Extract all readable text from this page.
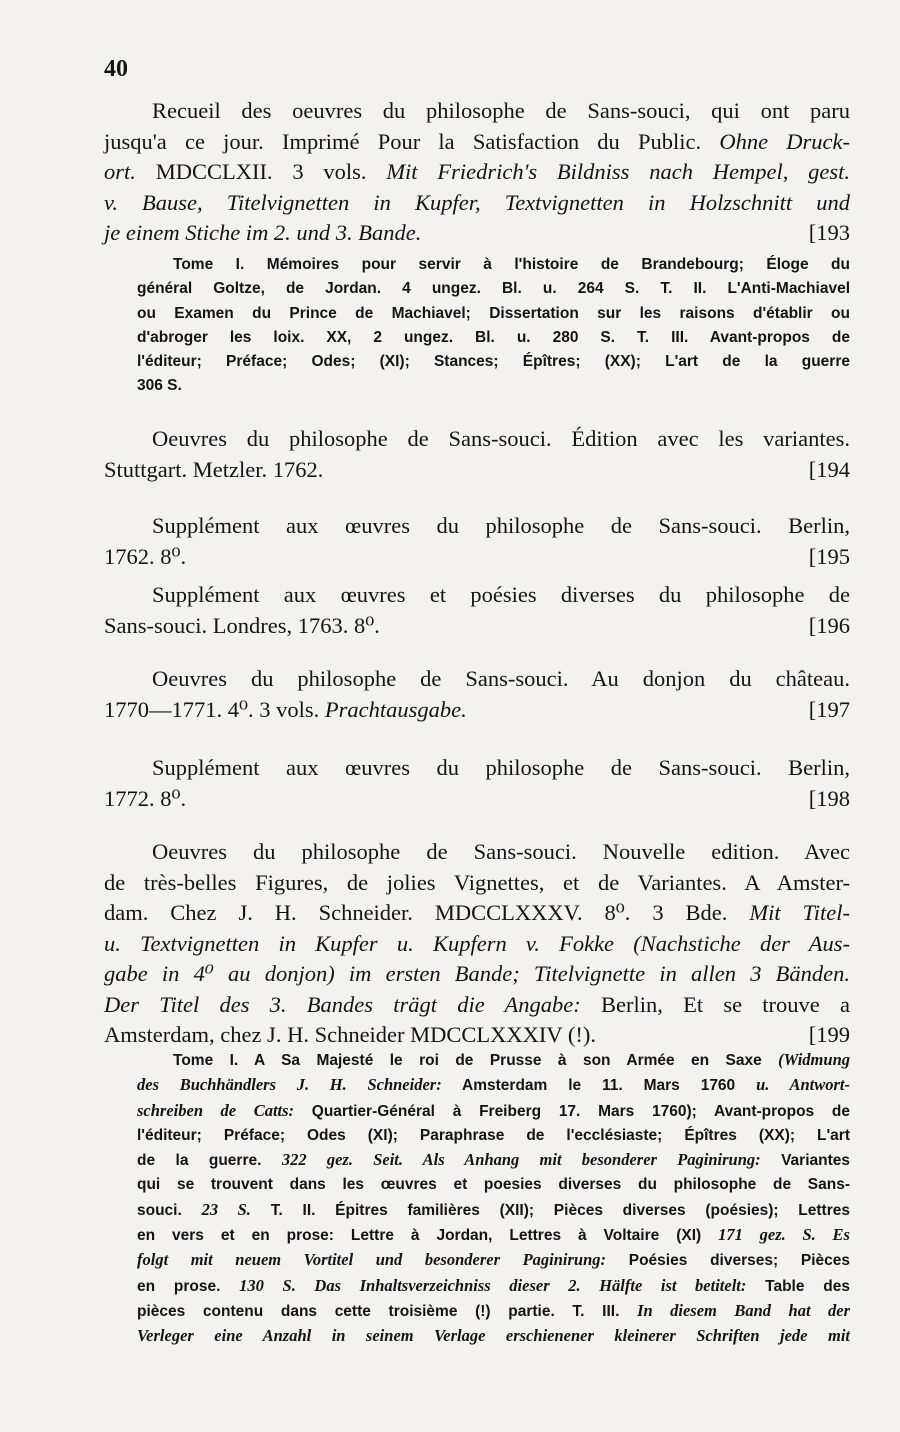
40
Recueil des oeuvres du philosophe de Sans-souci, qui ont paru
jusqu'a ce jour. Imprimé Pour la Satisfaction du Public. Ohne Druck-
ort. MDCCLXII. 3 vols. Mit Friedrich's Bildniss nach Hempel, gest.
v. Bause, Titelvignetten in Kupfer, Textvignetten in Holzschnitt und
je einem Stiche im 2. und 3. Bande.	[193
Tome I. Mémoires pour servir à l'histoire de Brandebourg; Éloge du
général Goltze, de Jordan. 4 ungez. Bl. u. 264 S. T. II. L'Anti-Machiavel
ou Examen du Prince de Machiavel; Dissertation sur les raisons d'établir ou
d'abroger les loix. XX, 2 ungez. Bl. u. 280 S. T. III. Avant-propos de
l'éditeur; Préface; Odes; (XI); Stances; Épîtres; (XX); L'art de la guerre
306 S.
Oeuvres du philosophe de Sans-souci. Édition avec les variantes.
Stuttgart. Metzler. 1762.	[194
Supplément aux œuvres du philosophe de Sans-souci. Berlin,
1762. 8⁰.	[195
Supplément aux œuvres et poésies diverses du philosophe de
Sans-souci. Londres, 1763. 8⁰.	[196
Oeuvres du philosophe de Sans-souci. Au donjon du château.
1770—1771. 4⁰. 3 vols. Prachtausgabe.	[197
Supplément aux œuvres du philosophe de Sans-souci. Berlin,
1772. 8⁰.	[198
Oeuvres du philosophe de Sans-souci. Nouvelle edition. Avec
de très-belles Figures, de jolies Vignettes, et de Variantes. A Amster-
dam. Chez J. H. Schneider. MDCCLXXXV. 8⁰. 3 Bde. Mit Titel-
u. Textvignetten in Kupfer u. Kupfern v. Fokke (Nachstiche der Aus-
gabe in 4⁰ au donjon) im ersten Bande; Titelvignette in allen 3 Bänden.
Der Titel des 3. Bandes trägt die Angabe: Berlin, Et se trouve a
Amsterdam, chez J. H. Schneider MDCCLXXXIV (!).	[199
Tome I. A Sa Majesté le roi de Prusse à son Armée en Saxe (Widmung
des Buchhändlers J. H. Schneider: Amsterdam le 11. Mars 1760 u. Antwort-
schreiben de Catts: Quartier-Général à Freiberg 17. Mars 1760); Avant-propos de
l'éditeur; Préface; Odes (XI); Paraphrase de l'ecclésiaste; Épîtres (XX); L'art
de la guerre. 322 gez. Seit. Als Anhang mit besonderer Paginirung: Variantes
qui se trouvent dans les œuvres et poesies diverses du philosophe de Sans-
souci. 23 S. T. II. Épitres familières (XII); Pièces diverses (poésies); Lettres
en vers et en prose: Lettre à Jordan, Lettres à Voltaire (XI) 171 gez. S. Es
folgt mit neuem Vortitel und besonderer Paginirung: Poésies diverses; Pièces
en prose. 130 S. Das Inhaltsverzeichniss dieser 2. Hälfte ist betitelt: Table des
pièces contenu dans cette troisième (!) partie. T. III. In diesem Band hat der
Verleger eine Anzahl in seinem Verlage erschienener kleinerer Schriften jede mit
